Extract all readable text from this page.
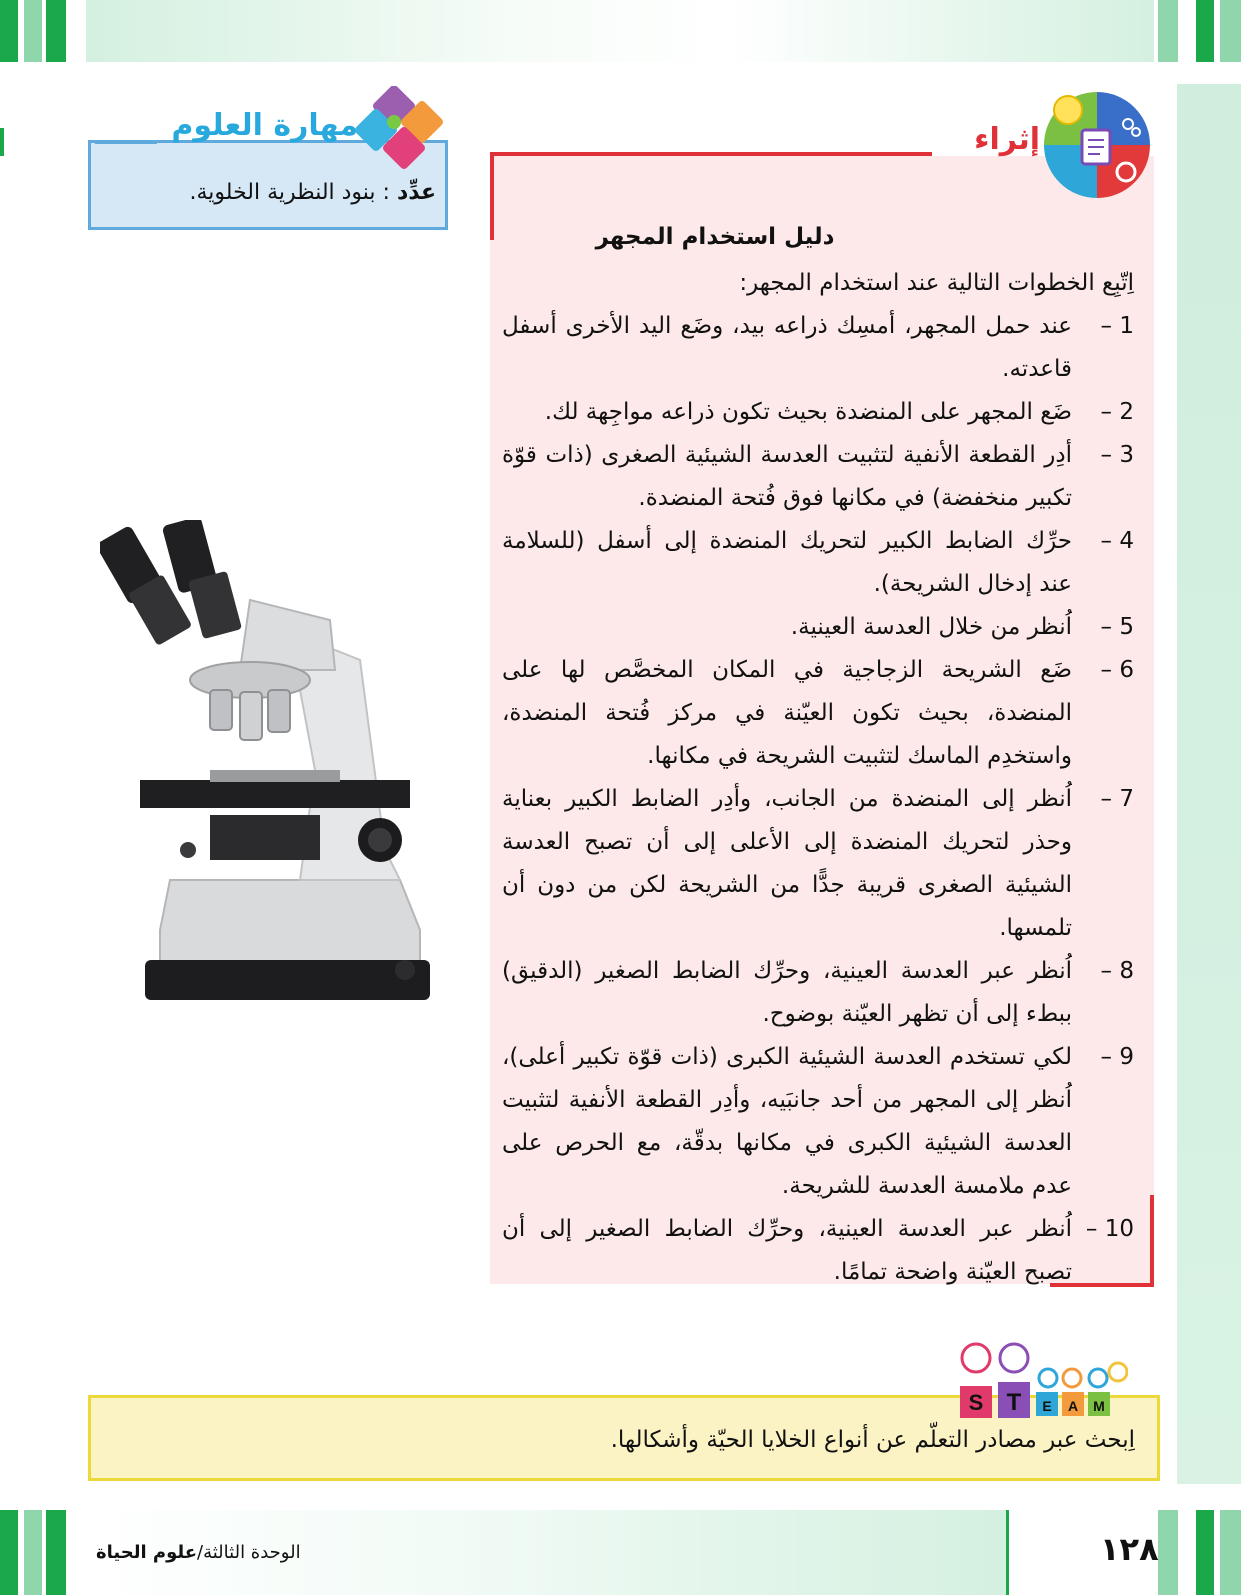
مهارة العلوم
عدِّد : بنود النظرية الخلوية.
إثراء
دليل استخدام المجهر

اِتّبِع الخطوات التالية عند استخدام المجهر:

1 –
عند حمل المجهر، أمسِك ذراعه بيد، وضَع اليد الأخرى أسفل قاعدته.
2 –
ضَع المجهر على المنضدة بحيث تكون ذراعه مواجِهة لك.
3 –
أدِر القطعة الأنفية لتثبيت العدسة الشيئية الصغرى (ذات قوّة تكبير منخفضة) في مكانها فوق فُتحة المنضدة.
4 –
حرِّك الضابط الكبير لتحريك المنضدة إلى أسفل (للسلامة عند إدخال الشريحة).
5 –
اُنظر من خلال العدسة العينية.
6 –
ضَع الشريحة الزجاجية في المكان المخصَّص لها على المنضدة، بحيث تكون العيّنة في مركز فُتحة المنضدة، واستخدِم الماسك لتثبيت الشريحة في مكانها.
7 –
اُنظر إلى المنضدة من الجانب، وأدِر الضابط الكبير بعناية وحذر لتحريك المنضدة إلى الأعلى إلى أن تصبح العدسة الشيئية الصغرى قريبة جدًّا من الشريحة لكن من دون أن تلمسها.
8 –
اُنظر عبر العدسة العينية، وحرِّك الضابط الصغير (الدقيق) ببطء إلى أن تظهر العيّنة بوضوح.
9 –
لكي تستخدم العدسة الشيئية الكبرى (ذات قوّة تكبير أعلى)، اُنظر إلى المجهر من أحد جانبَيه، وأدِر القطعة الأنفية لتثبيت العدسة الشيئية الكبرى في مكانها بدقّة، مع الحرص على عدم ملامسة العدسة للشريحة.
10 –
اُنظر عبر العدسة العينية، وحرِّك الضابط الصغير إلى أن تصبح العيّنة واضحة تمامًا.
S T E A M
اِبحث عبر مصادر التعلّم عن أنواع الخلايا الحيّة وأشكالها.
١٢٨
الوحدة الثالثة/علوم الحياة
